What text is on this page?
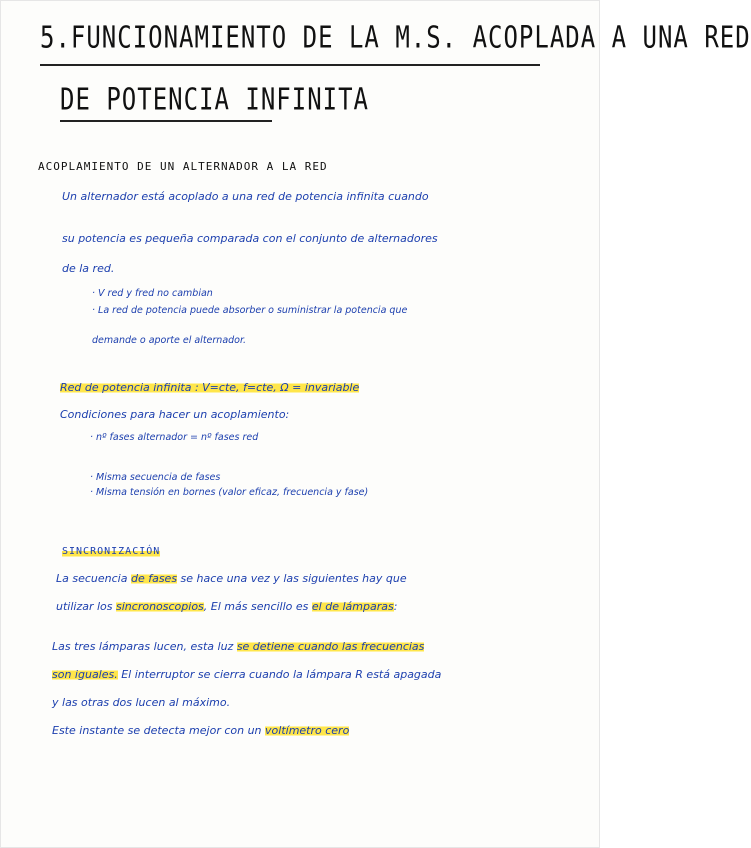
5.FUNCIONAMIENTO DE LA M.S. ACOPLADA A UNA RED
DE POTENCIA INFINITA
ACOPLAMIENTO DE UN ALTERNADOR A LA RED
Un alternador está acoplado a una red de potencia infinita cuando
su potencia es pequeña comparada con el conjunto de alternadores
de la red.
· V red y fred no cambian
· La red de potencia puede absorber o suministrar la potencia que
demande o aporte el alternador.
Red de potencia infinita : V=cte, f=cte, Ω = invariable
Condiciones para hacer un acoplamiento:
· nº fases alternador = nº fases red
· Misma secuencia de fases
· Misma tensión en bornes (valor eficaz, frecuencia y fase)
SINCRONIZACIÓN
La secuencia de fases se hace una vez y las siguientes hay que
utilizar los sincronoscopios, El más sencillo es el de lámparas:
Las tres lámparas lucen, esta luz se detiene cuando las frecuencias
son iguales. El interruptor se cierra cuando la lámpara R está apagada
y las otras dos lucen al máximo.
Este instante se detecta mejor con un voltímetro cero
